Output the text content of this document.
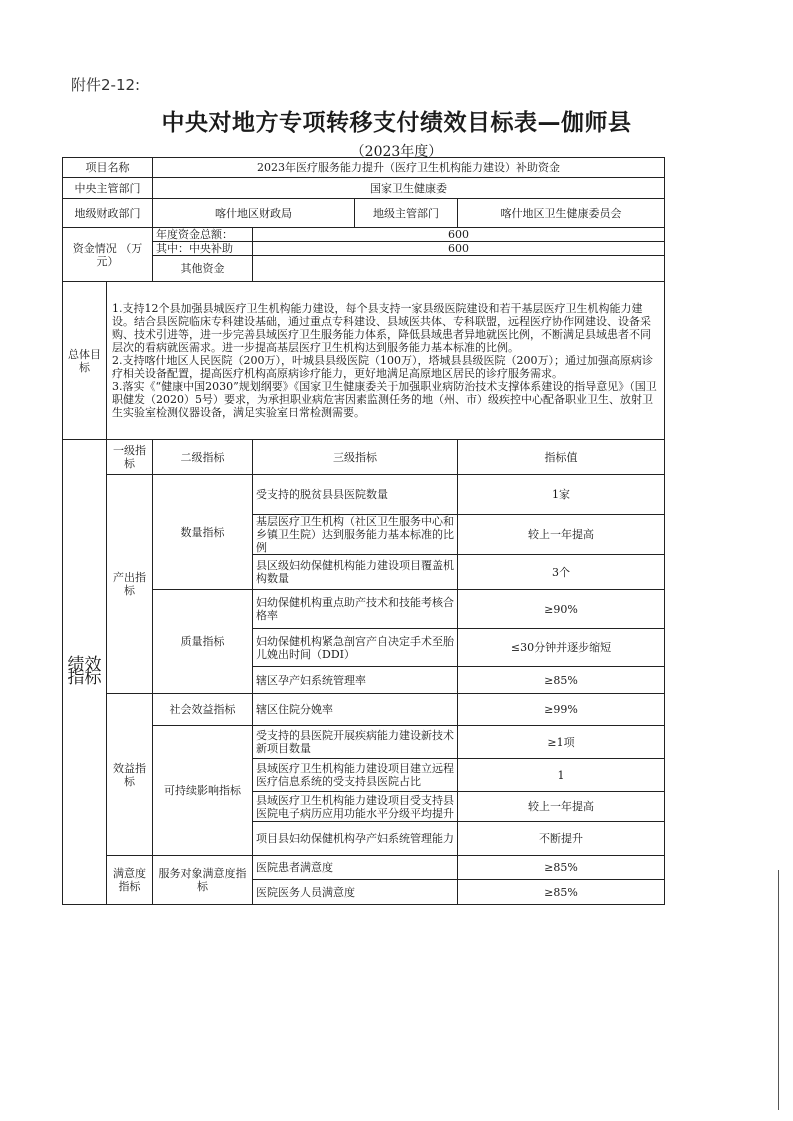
附件2-12:
中央对地方专项转移支付绩效目标表—伽师县
（2023年度）
项目名称		2023年医疗服务能力提升（医疗卫生机构能力建设）补助资金			
中央主管部门		国家卫生健康委			
地级财政部门		喀什地区财政局		地级主管部门	喀什地区卫生健康委员会
资金情况 （万元）		年度资金总额：	600		
		其中：中央补助	600		
		其他资金			
总体目标	1.支持12个县加强县城医疗卫生机构能力建设，每个县支持一家县级医院建设和若干基层医疗卫生机构能力建设。结合县医院临床专科建设基础，通过重点专科建设、县域医共体、专科联盟，远程医疗协作网建设、设备采购、技术引进等，进一步完善县域医疗卫生服务能力体系，降低县域患者异地就医比例，不断满足县域患者不同层次的看病就医需求。进一步提高基层医疗卫生机构达到服务能力基本标准的比例。

2.支持喀什地区人民医院（200万），叶城县县级医院（100万），塔城县县级医院（200万）；通过加强高原病诊疗相关设备配置，提高医疗机构高原病诊疗能力，更好地满足高原地区居民的诊疗服务需求。

3.落实《“健康中国2030”规划纲要》《国家卫生健康委关于加强职业病防治技术支撑体系建设的指导意见》（国卫职健发（2020）5号）要求，为承担职业病危害因素监测任务的地（州、市）级疾控中心配备职业卫生、放射卫生实验室检测仪器设备，满足实验室日常检测需要。				

绩效指标	一级指标	二级指标	三级指标		指标值
	产出指标	数量指标	受支持的脱贫县县医院数量		1家

			基层医疗卫生机构（社区卫生服务中心和乡镇卫生院）达到服务能力基本标准的比例		较上一年提高
			县区级妇幼保健机构能力建设项目覆盖机构数量		3个
		质量指标	妇幼保健机构重点助产技术和技能考核合格率		≥90%
			妇幼保健机构紧急剖宫产自决定手术至胎儿娩出时间（DDI）		≤30分钟并逐步缩短
			辖区孕产妇系统管理率		≥85%
	效益指标	社会效益指标	辖区住院分娩率		≥99%
		可持续影响指标	受支持的县医院开展疾病能力建设新技术新项目数量		≥1项
			县域医疗卫生机构能力建设项目建立远程医疗信息系统的受支持县医院占比		1

			县域医疗卫生机构能力建设项目受支持县医院电子病历应用功能水平分级平均提升		较上一年提高
			项目县妇幼保健机构孕产妇系统管理能力		不断提升
	满意度指标	服务对象满意度指标	医院患者满意度		≥85%
			医院医务人员满意度		≥85%
